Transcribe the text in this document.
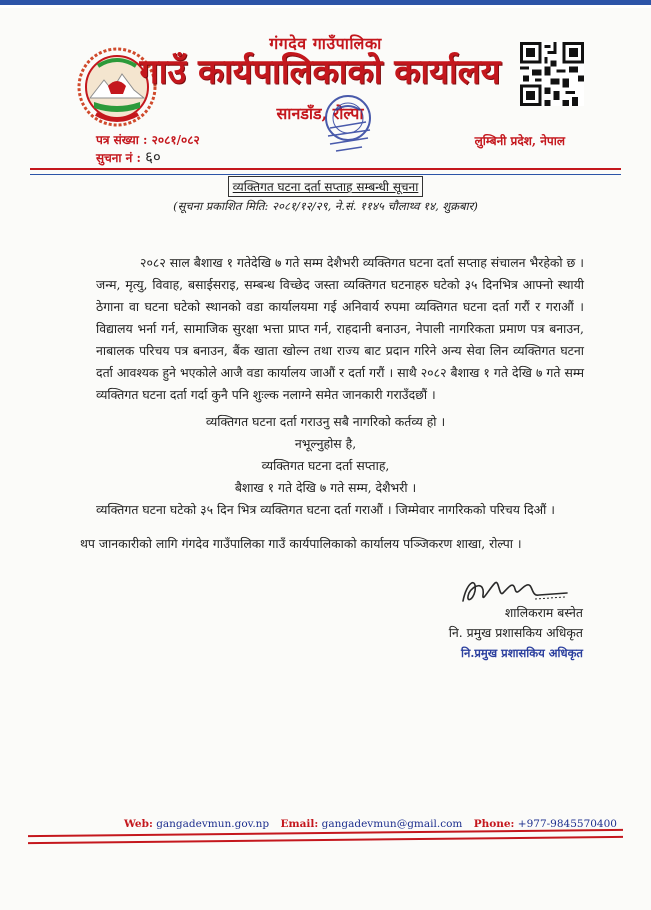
गंगदेव गाउँपालिका
गाउँ कार्यपालिकाको कार्यालय
सानडाँड, रोल्पा
पत्र संख्या : २०८१/०८२
सुचना नं : ६०
लुम्बिनी प्रदेश, नेपाल
व्यक्तिगत घटना दर्ता सप्ताह सम्बन्धी सूचना
(सूचना प्रकाशित मिति: २०८१/१२/२९, ने.सं. ११४५ चौलाथ्व १४, शुक्रबार)

२०८२ साल बैशाख १ गतेदेखि ७ गते सम्म देशैभरी व्यक्तिगत घटना दर्ता सप्ताह संचालन भैरहेको छ । जन्म, मृत्यु, विवाह, बसाईसराइ, सम्बन्ध विच्छेद जस्ता व्यक्तिगत घटनाहरु घटेको ३५ दिनभित्र आफ्नो स्थायी ठेगाना वा घटना घटेको स्थानको वडा कार्यालयमा गई अनिवार्य रुपमा व्यक्तिगत घटना दर्ता गरौं र गराऔं । विद्यालय भर्ना गर्न, सामाजिक सुरक्षा भत्ता प्राप्त गर्न, राहदानी बनाउन, नेपाली नागरिकता प्रमाण पत्र बनाउन, नाबालक परिचय पत्र बनाउन, बैंक खाता खोल्न तथा राज्य बाट प्रदान गरिने अन्य सेवा लिन व्यक्तिगत घटना दर्ता आवश्यक हुने भएकोले आजै वडा कार्यालय जाऔं र दर्ता गरौं । साथै २०८२ बैशाख १ गते देखि ७ गते सम्म व्यक्तिगत घटना दर्ता गर्दा कुनै पनि शुःल्क नलाग्ने समेत जानकारी गराउँदछौं ।

व्यक्तिगत घटना दर्ता गराउनु सबै नागरिको कर्तव्य हो ।
नभूल्नुहोस है,
व्यक्तिगत घटना दर्ता सप्ताह,
बैशाख १ गते देखि ७ गते सम्म, देशैभरी ।
व्यक्तिगत घटना घटेको ३५ दिन भित्र व्यक्तिगत घटना दर्ता गराऔं । जिम्मेवार नागरिकको परिचय दिऔं ।
थप जानकारीको लागि गंगदेव गाउँपालिका गाउँ कार्यपालिकाको कार्यालय पञ्जिकरण शाखा, रोल्पा ।
शालिकराम बस्नेत
नि. प्रमुख प्रशासकिय अधिकृत
नि.प्रमुख प्रशासकिय अधिकृत
Web: gangadevmun.gov.np Email: gangadevmun@gmail.com Phone: +977-9845570400
